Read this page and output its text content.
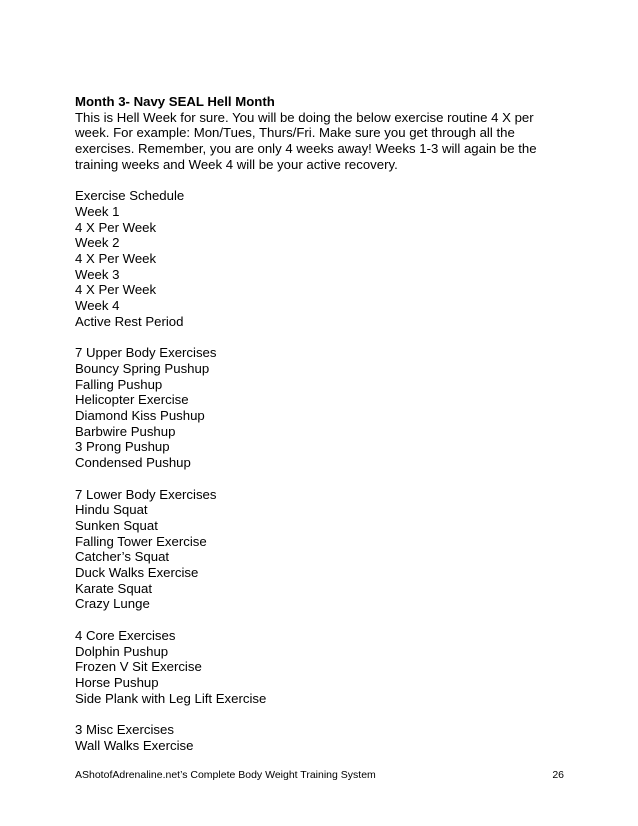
Month 3- Navy SEAL Hell Month

This is Hell Week for sure. You will be doing the below exercise routine 4 X per
week. For example: Mon/Tues, Thurs/Fri. Make sure you get through all the
exercises. Remember, you are only 4 weeks away! Weeks 1-3 will again be the
training weeks and Week 4 will be your active recovery.

Exercise Schedule
Week 1
4 X Per Week
Week 2
4 X Per Week
Week 3
4 X Per Week
Week 4
Active Rest Period
7 Upper Body Exercises
Bouncy Spring Pushup
Falling Pushup
Helicopter Exercise
Diamond Kiss Pushup
Barbwire Pushup
3 Prong Pushup
Condensed Pushup
7 Lower Body Exercises
Hindu Squat
Sunken Squat
Falling Tower Exercise
Catcher’s Squat
Duck Walks Exercise
Karate Squat
Crazy Lunge
4 Core Exercises
Dolphin Pushup
Frozen V Sit Exercise
Horse Pushup
Side Plank with Leg Lift Exercise
3 Misc Exercises
Wall Walks Exercise
AShotofAdrenaline.net’s Complete Body Weight Training System	26
